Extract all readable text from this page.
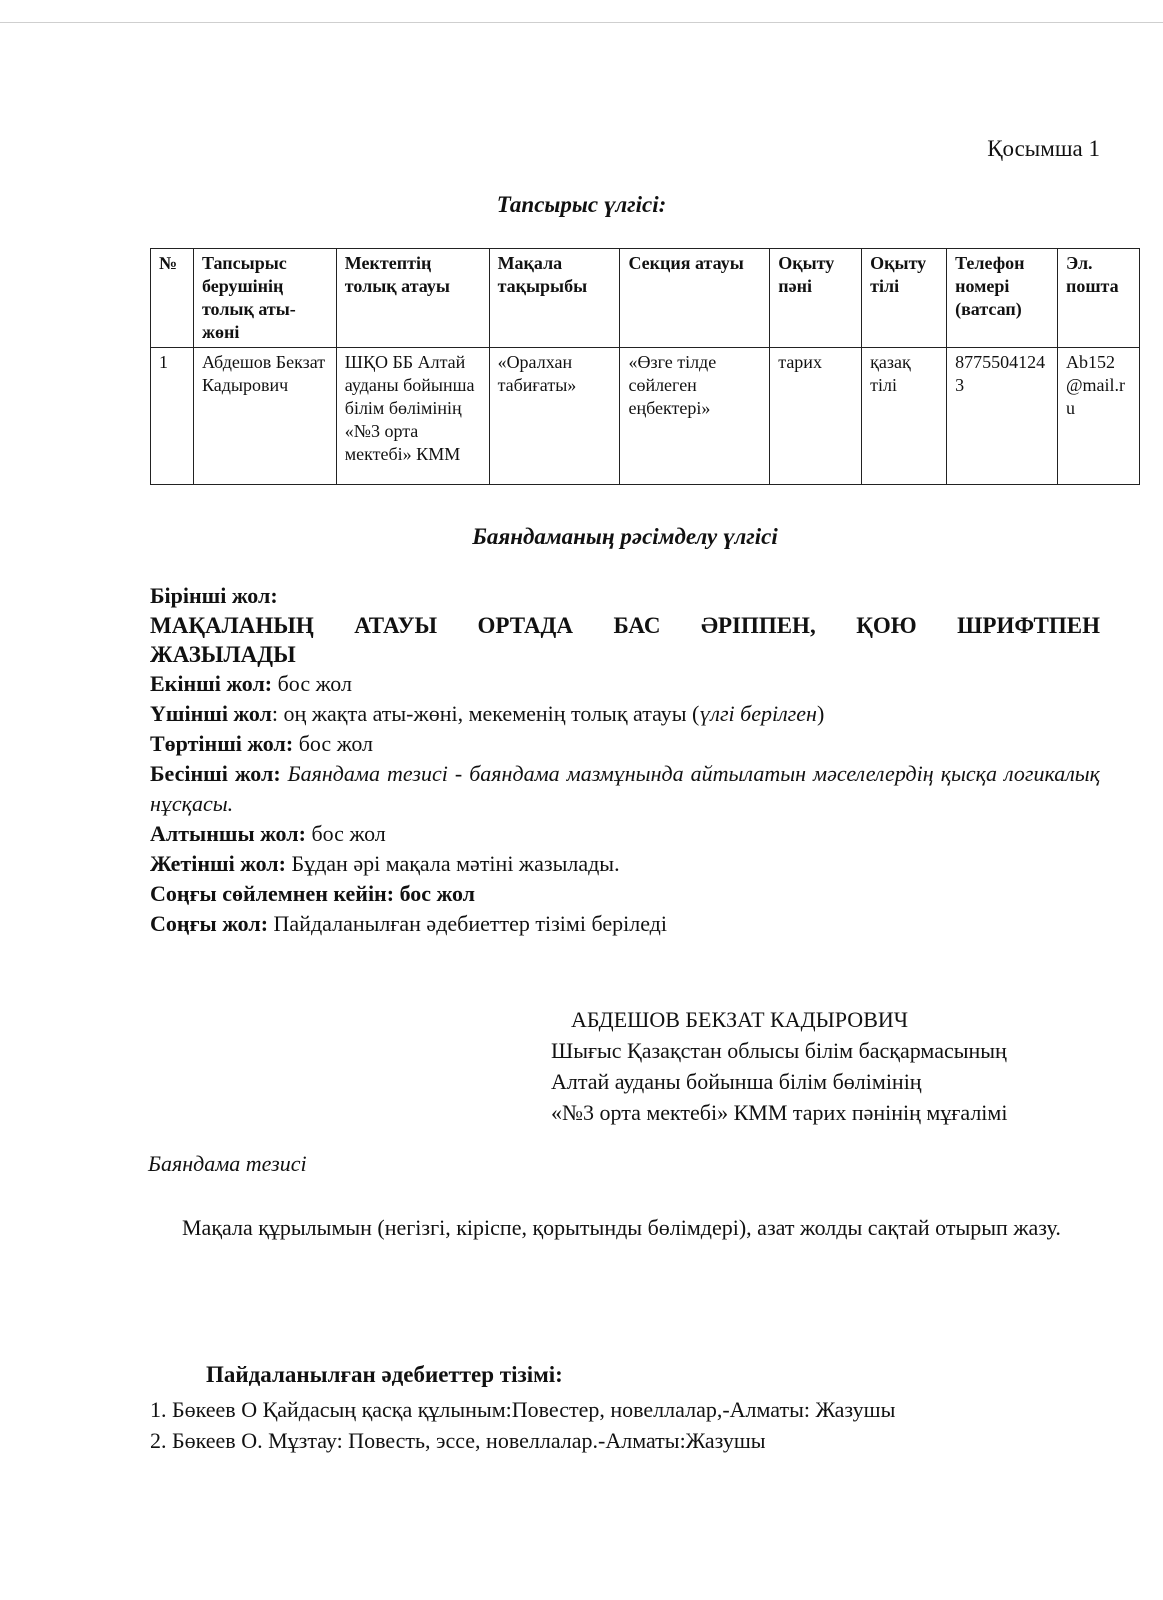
Қосымша 1
Тапсырыс үлгісі:
№	Тапсырыс берушінің толық аты-жөні	Мектептің толық атауы	Мақала тақырыбы	Секция атауы	Оқыту пәні	Оқыту тілі	Телефон номері (ватсап)	Эл. пошта
1	Абдешов Бекзат Кадырович	ШҚО ББ Алтай ауданы бойынша білім бөлімінің «№3 орта мектебі» КММ	«Оралхан табиғаты»	«Өзге тілде сөйлеген еңбектері»	тарих	қазақ тілі	87755041243	Ab152@mail.ru
Баяндаманың рәсімделу үлгісі

Бірінші жол:

МАҚАЛАНЫҢ АТАУЫ ОРТАДА БАС ӘРІППЕН, ҚОЮ ШРИФТПЕН

ЖАЗЫЛАДЫ

Екінші жол: бос жол

Үшінші жол: оң жақта аты-жөні, мекеменің толық атауы (үлгі берілген)

Төртінші жол: бос жол

Бесінші жол: Баяндама тезисі - баяндама мазмұнында айтылатын мәселелердің қысқа логикалық нұсқасы.

Алтыншы жол: бос жол

Жетінші жол: Бұдан әрі мақала мәтіні жазылады.

Соңғы сөйлемнен кейін: бос жол

Соңғы жол: Пайдаланылған әдебиеттер тізімі беріледі

АБДЕШОВ БЕКЗАТ КАДЫРОВИЧ
Шығыс Қазақстан облысы білім басқармасының
Алтай ауданы бойынша білім бөлімінің
«№3 орта мектебі» КММ тарих пәнінің мұғалімі
Баяндама тезисі

Мақала құрылымын (негізгі, кіріспе, қорытынды бөлімдері), азат жолды сақтай отырып жазу.

Пайдаланылған әдебиеттер тізімі:
1. Бөкеев О Қайдасың қасқа құлыным:Повестер, новеллалар,-Алматы: Жазушы
2. Бөкеев О. Мұзтау: Повесть, эссе, новеллалар.-Алматы:Жазушы
